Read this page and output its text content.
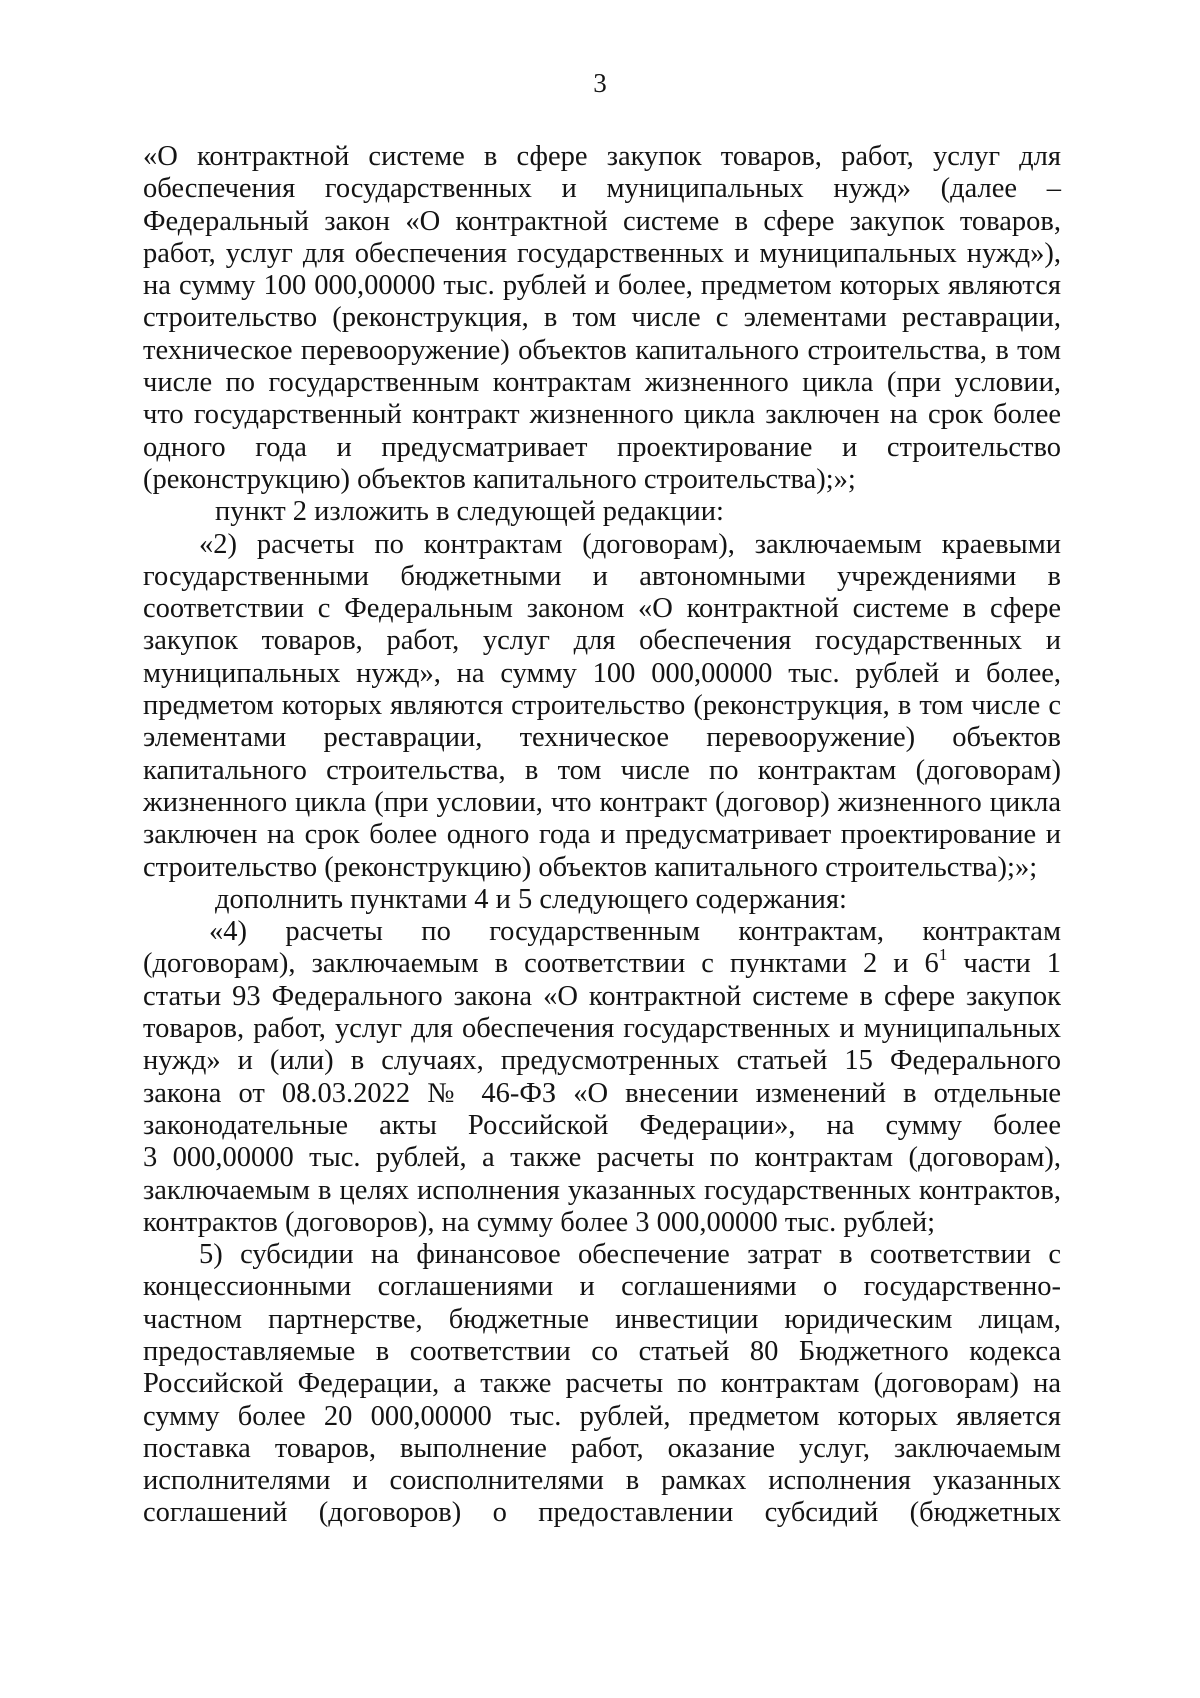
3
«О контрактной системе в сфере закупок товаров, работ, услуг для
обеспечения государственных и муниципальных нужд» (далее –
Федеральный закон «О контрактной системе в сфере закупок товаров,
работ, услуг для обеспечения государственных и муниципальных нужд»),
на сумму 100 000,00000 тыс. рублей и более, предметом которых являются
строительство (реконструкция, в том числе с элементами реставрации,
техническое перевооружение) объектов капитального строительства, в том
числе по государственным контрактам жизненного цикла (при условии,
что государственный контракт жизненного цикла заключен на срок более
одного года и предусматривает проектирование и строительство
(реконструкцию) объектов капитального строительства);»;
пункт 2 изложить в следующей редакции:
«2) расчеты по контрактам (договорам), заключаемым краевыми
государственными бюджетными и автономными учреждениями в
соответствии с Федеральным законом «О контрактной системе в сфере
закупок товаров, работ, услуг для обеспечения государственных и
муниципальных нужд», на сумму 100 000,00000 тыс. рублей и более,
предметом которых являются строительство (реконструкция, в том числе с
элементами реставрации, техническое перевооружение) объектов
капитального строительства, в том числе по контрактам (договорам)
жизненного цикла (при условии, что контракт (договор) жизненного цикла
заключен на срок более одного года и предусматривает проектирование и
строительство (реконструкцию) объектов капитального строительства);»;
дополнить пунктами 4 и 5 следующего содержания:
«4) расчеты по государственным контрактам, контрактам
(договорам), заключаемым в соответствии с пунктами 2 и $6^1$ части 1
статьи 93 Федерального закона «О контрактной системе в сфере закупок
товаров, работ, услуг для обеспечения государственных и муниципальных
нужд» и (или) в случаях, предусмотренных статьей 15 Федерального
закона от 08.03.2022 № 46-ФЗ «О внесении изменений в отдельные
законодательные акты Российской Федерации», на сумму более
3 000,00000 тыс. рублей, а также расчеты по контрактам (договорам),
заключаемым в целях исполнения указанных государственных контрактов,
контрактов (договоров), на сумму более 3 000,00000 тыс. рублей;
5) субсидии на финансовое обеспечение затрат в соответствии с
концессионными соглашениями и соглашениями о государственно-
частном партнерстве, бюджетные инвестиции юридическим лицам,
предоставляемые в соответствии со статьей 80 Бюджетного кодекса
Российской Федерации, а также расчеты по контрактам (договорам) на
сумму более 20 000,00000 тыс. рублей, предметом которых является
поставка товаров, выполнение работ, оказание услуг, заключаемым
исполнителями и соисполнителями в рамках исполнения указанных
соглашений (договоров) о предоставлении субсидий (бюджетных
